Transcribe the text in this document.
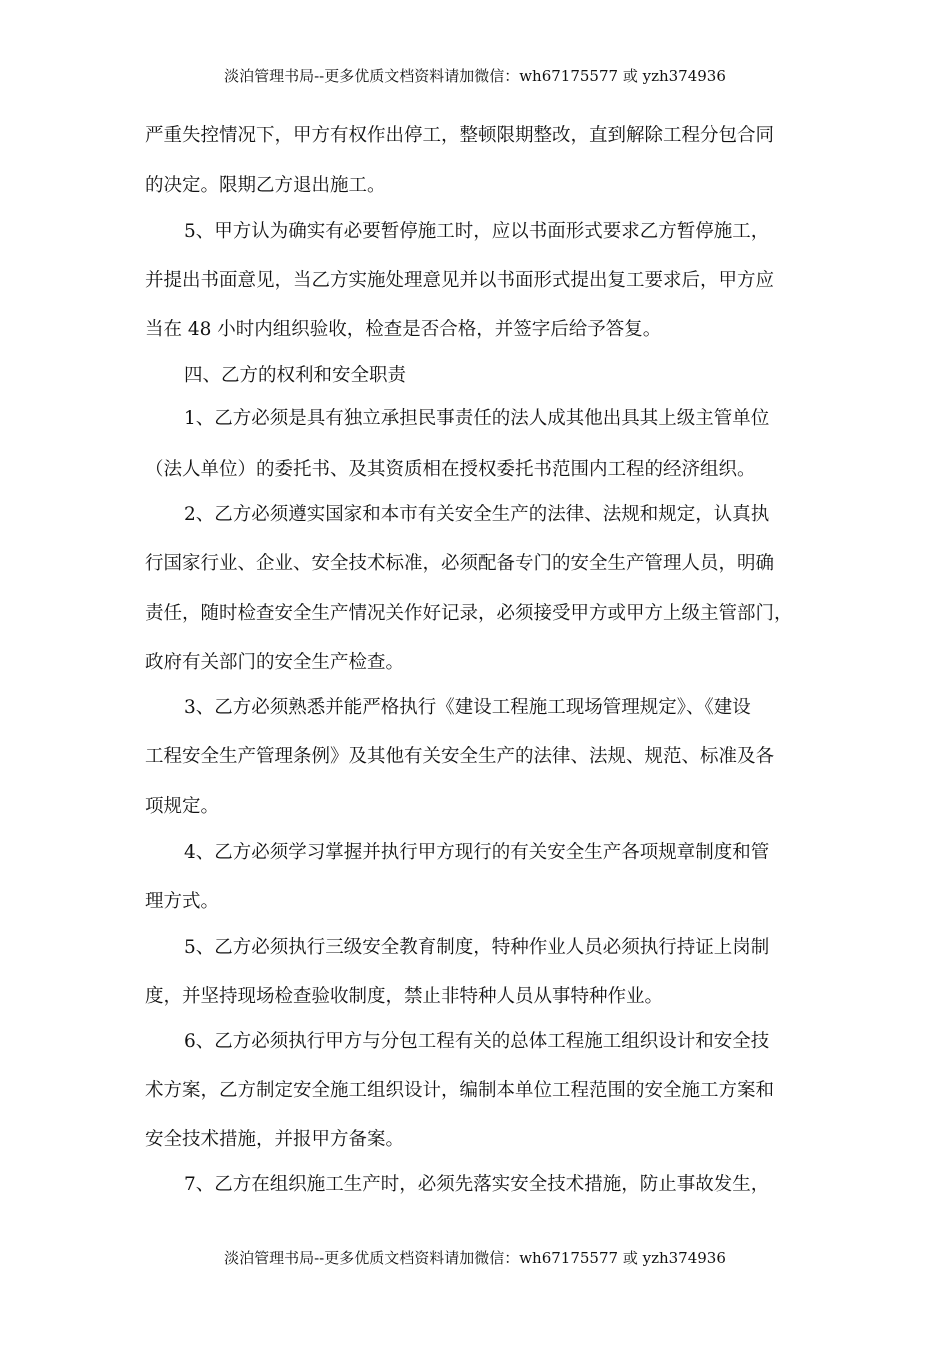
淡泊管理书局--更多优质文档资料请加微信：wh67175577 或 yzh374936
严重失控情况下，甲方有权作出停工，整顿限期整改，直到解除工程分包合同
的决定。限期乙方退出施工。
5、甲方认为确实有必要暂停施工时，应以书面形式要求乙方暂停施工，
并提出书面意见，当乙方实施处理意见并以书面形式提出复工要求后，甲方应
当在 48 小时内组织验收，检查是否合格，并签字后给予答复。
四、乙方的权利和安全职责
1、乙方必须是具有独立承担民事责任的法人成其他出具其上级主管单位
（法人单位）的委托书、及其资质相在授权委托书范围内工程的经济组织。
2、乙方必须遵实国家和本市有关安全生产的法律、法规和规定，认真执
行国家行业、企业、安全技术标准，必须配备专门的安全生产管理人员，明确
责任，随时检查安全生产情况关作好记录，必须接受甲方或甲方上级主管部门，
政府有关部门的安全生产检查。
3、乙方必须熟悉并能严格执行《建设工程施工现场管理规定》、《建设
工程安全生产管理条例》及其他有关安全生产的法律、法规、规范、标准及各
项规定。
4、乙方必须学习掌握并执行甲方现行的有关安全生产各项规章制度和管
理方式。
5、乙方必须执行三级安全教育制度，特种作业人员必须执行持证上岗制
度，并坚持现场检查验收制度，禁止非特种人员从事特种作业。
6、乙方必须执行甲方与分包工程有关的总体工程施工组织设计和安全技
术方案，乙方制定安全施工组织设计，编制本单位工程范围的安全施工方案和
安全技术措施，并报甲方备案。
7、乙方在组织施工生产时，必须先落实安全技术措施，防止事故发生，
淡泊管理书局--更多优质文档资料请加微信：wh67175577 或 yzh374936
